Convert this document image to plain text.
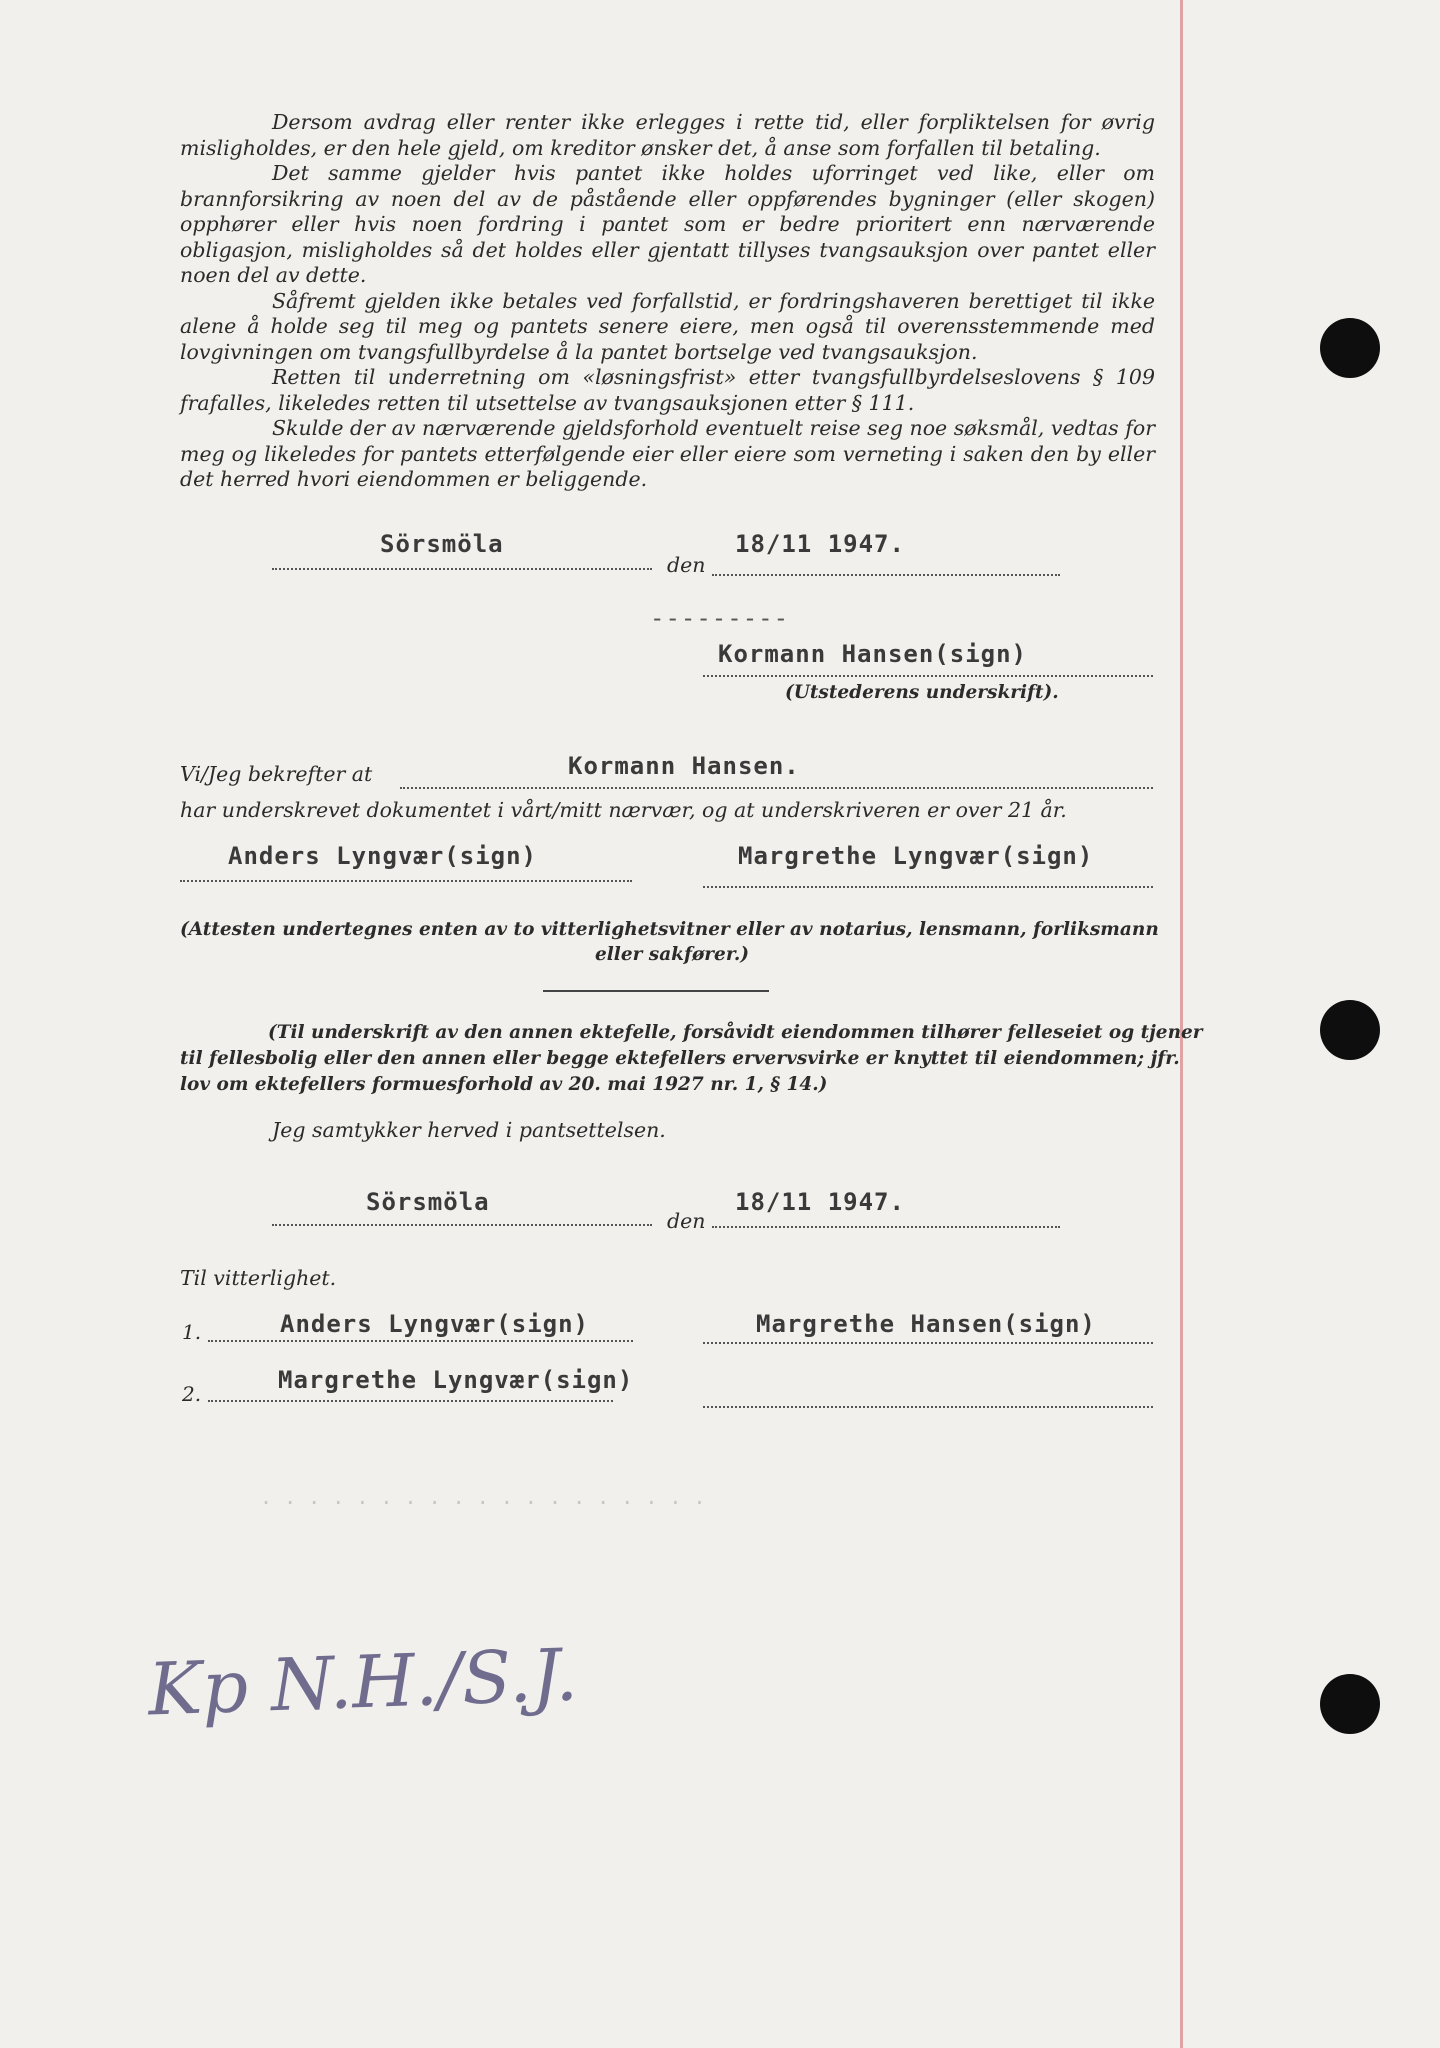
. . . . . . . . . . . . . . . . . . .

Dersom avdrag eller renter ikke erlegges i rette tid, eller forpliktelsen for øvrig misligholdes, er den hele gjeld, om kreditor ønsker det, å anse som forfallen til betaling.

Det samme gjelder hvis pantet ikke holdes uforringet ved like, eller om brannforsikring av noen del av de påstående eller oppførendes bygninger (eller skogen) opphører eller hvis noen fordring i pantet som er bedre prioritert enn nærværende obligasjon, misligholdes så det holdes eller gjentatt tillyses tvangsauksjon over pantet eller noen del av dette.

Såfremt gjelden ikke betales ved forfallstid, er fordringshaveren berettiget til ikke alene å holde seg til meg og pantets senere eiere, men også til overensstemmende med lovgivningen om tvangsfullbyrdelse å la pantet bortselge ved tvangsauksjon.

Retten til underretning om «løsningsfrist» etter tvangsfullbyrdelseslovens § 109 frafalles, likeledes retten til utsettelse av tvangsauksjonen etter § 111.

Skulde der av nærværende gjeldsforhold eventuelt reise seg noe søksmål, vedtas for meg og likeledes for pantets etterfølgende eier eller eiere som verneting i saken den by eller det herred hvori eiendommen er beliggende.

Sörsmöla
den
18/11 1947.
---------
Kormann Hansen(sign)
(Utstederens underskrift).
Vi/Jeg bekrefter at	Kormann Hansen.
har underskrevet dokumentet i vårt/mitt nærvær, og at underskriveren er over 21 år.
Anders Lyngvær(sign)	Margrethe Lyngvær(sign)
(Attesten undertegnes enten av to vitterlighetsvitner eller av notarius, lensmann, forliksmann
eller sakfører.)
(Til underskrift av den annen ektefelle, forsåvidt eiendommen tilhører felleseiet og tjener
til fellesbolig eller den annen eller begge ektefellers ervervsvirke er knyttet til eiendommen; jfr.
lov om ektefellers formuesforhold av 20. mai 1927 nr. 1, § 14.)
Jeg samtykker herved i pantsettelsen.
Sörsmöla
den
18/11 1947.
Til vitterlighet.
1.	Anders Lyngvær(sign)	Margrethe Hansen(sign)
2.	Margrethe Lyngvær(sign)
Kp N.H./S.J.
